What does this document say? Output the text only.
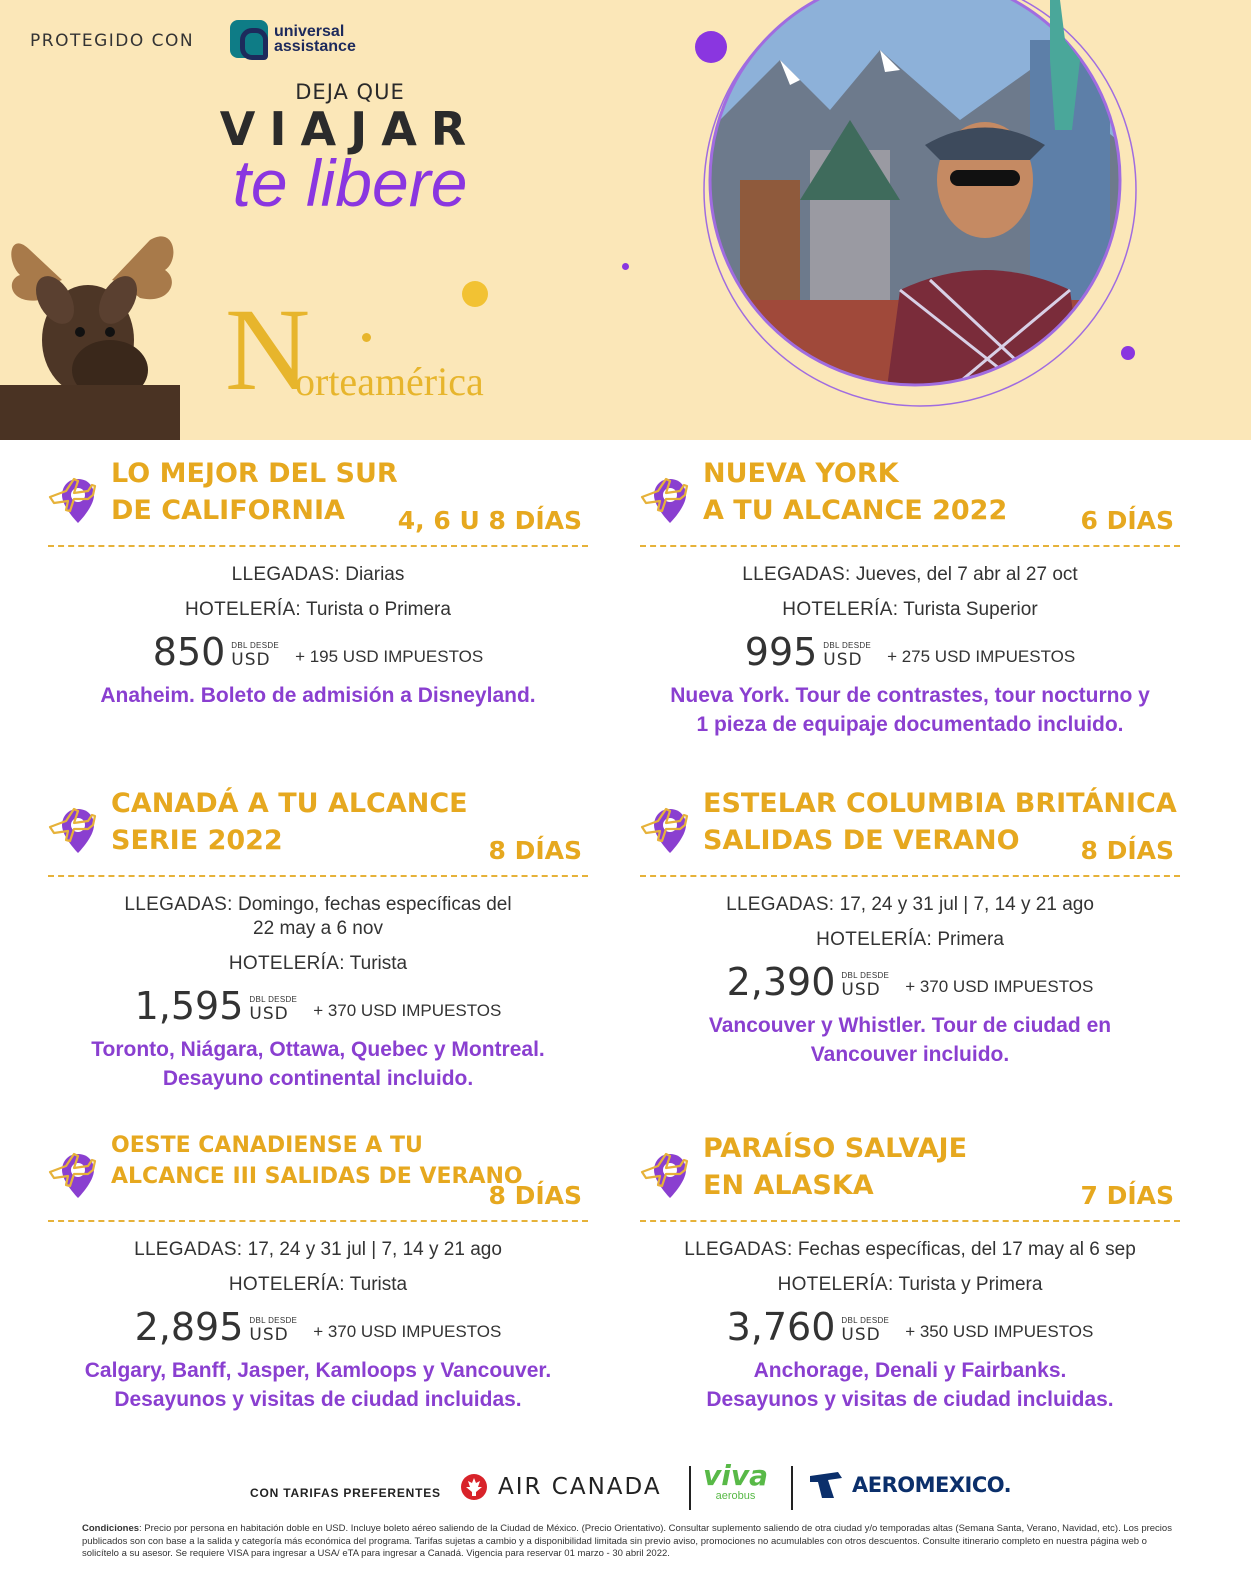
PROTEGIDO CON	universal
assistance
DEJA QUE
VIAJAR
te libere
N
orteamérica
LO MEJOR DEL SUR
DE CALIFORNIA	4, 6 U 8 DÍAS
LLEGADAS: Diarias
HOTELERÍA: Turista o Primera
850 DBL DESDE
USD	+ 195 USD IMPUESTOS
Anaheim. Boleto de admisión a Disneyland.
NUEVA YORK
A TU ALCANCE 2022	6 DÍAS
LLEGADAS: Jueves, del 7 abr al 27 oct
HOTELERÍA: Turista Superior
995 DBL DESDE
USD	+ 275 USD IMPUESTOS
Nueva York. Tour de contrastes, tour nocturno y
1 pieza de equipaje documentado incluido.
CANADÁ A TU ALCANCE
SERIE 2022	8 DÍAS
LLEGADAS: Domingo, fechas específicas del
22 may a 6 nov
HOTELERÍA: Turista
1,595 DBL DESDE
USD	+ 370 USD IMPUESTOS
Toronto, Niágara, Ottawa, Quebec y Montreal.
Desayuno continental incluido.
ESTELAR COLUMBIA BRITÁNICA
SALIDAS DE VERANO	8 DÍAS
LLEGADAS: 17, 24 y 31 jul | 7, 14 y 21 ago
HOTELERÍA: Primera
2,390 DBL DESDE
USD	+ 370 USD IMPUESTOS
Vancouver y Whistler. Tour de ciudad en
Vancouver incluido.
OESTE CANADIENSE A TU
ALCANCE III SALIDAS DE VERANO
8 DÍAS
LLEGADAS: 17, 24 y 31 jul | 7, 14 y 21 ago
HOTELERÍA: Turista
2,895 DBL DESDE
USD	+ 370 USD IMPUESTOS
Calgary, Banff, Jasper, Kamloops y Vancouver.
Desayunos y visitas de ciudad incluidas.
PARAÍSO SALVAJE
EN ALASKA	7 DÍAS
LLEGADAS: Fechas específicas, del 17 may al 6 sep
HOTELERÍA: Turista y Primera
3,760 DBL DESDE
USD	+ 350 USD IMPUESTOS
Anchorage, Denali y Fairbanks.
Desayunos y visitas de ciudad incluidas.
CON TARIFAS PREFERENTES AIR CANADA viva
aerobus	AEROMEXICO.
Condiciones: Precio por persona en habitación doble en USD. Incluye boleto aéreo saliendo de la Ciudad de México. (Precio Orientativo). Consultar suplemento saliendo de otra ciudad y/o temporadas altas (Semana Santa, Verano, Navidad, etc). Los precios publicados son con base a la salida y categoría más económica del programa. Tarifas sujetas a cambio y a disponibilidad limitada sin previo aviso, promociones no acumulables con otros descuentos. Consulte itinerario completo en nuestra página web o solicítelo a su asesor. Se requiere VISA para ingresar a USA/ eTA para ingresar a Canadá. Vigencia para reservar 01 marzo - 30 abril 2022.
